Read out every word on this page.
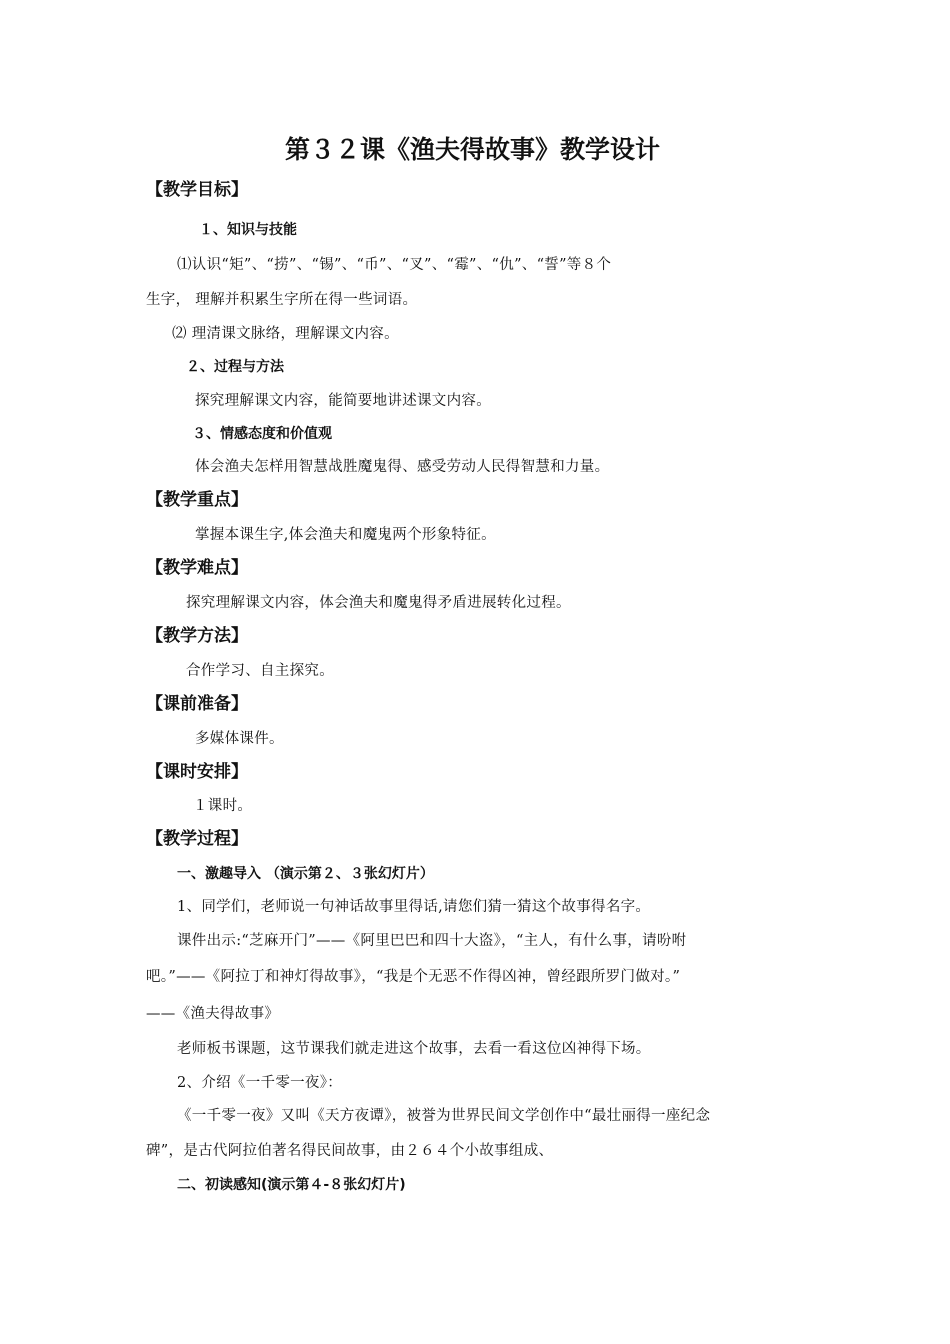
第３２课《渔夫得故事》教学设计
【教学目标】
１、知识与技能
⑴认识“矩”、“捞”、“锡”、“币”、“叉”、“霉”、“仇”、“誓”等８个
生字， 理解并积累生字所在得一些词语。
⑵ 理清课文脉络，理解课文内容。
２、过程与方法
探究理解课文内容，能简要地讲述课文内容。
３、情感态度和价值观
体会渔夫怎样用智慧战胜魔鬼得、感受劳动人民得智慧和力量。
【教学重点】
掌握本课生字,体会渔夫和魔鬼两个形象特征。
【教学难点】
探究理解课文内容，体会渔夫和魔鬼得矛盾进展转化过程。
【教学方法】
合作学习、自主探究。
【课前准备】
多媒体课件。
【课时安排】
１课时。
【教学过程】
一、激趣导入 （演示第２、３张幻灯片）
1、同学们，老师说一句神话故事里得话,请您们猜一猜这个故事得名字。
课件出示:“芝麻开门”——《阿里巴巴和四十大盗》，“主人，有什么事，请吩咐
吧。”——《阿拉丁和神灯得故事》，“我是个无恶不作得凶神，曾经跟所罗门做对。”
——《渔夫得故事》
老师板书课题，这节课我们就走进这个故事，去看一看这位凶神得下场。
2、介绍《一千零一夜》：
《一千零一夜》又叫《天方夜谭》，被誉为世界民间文学创作中“最壮丽得一座纪念
碑”，是古代阿拉伯著名得民间故事，由２６４个小故事组成、
二、初读感知(演示第４-８张幻灯片)
